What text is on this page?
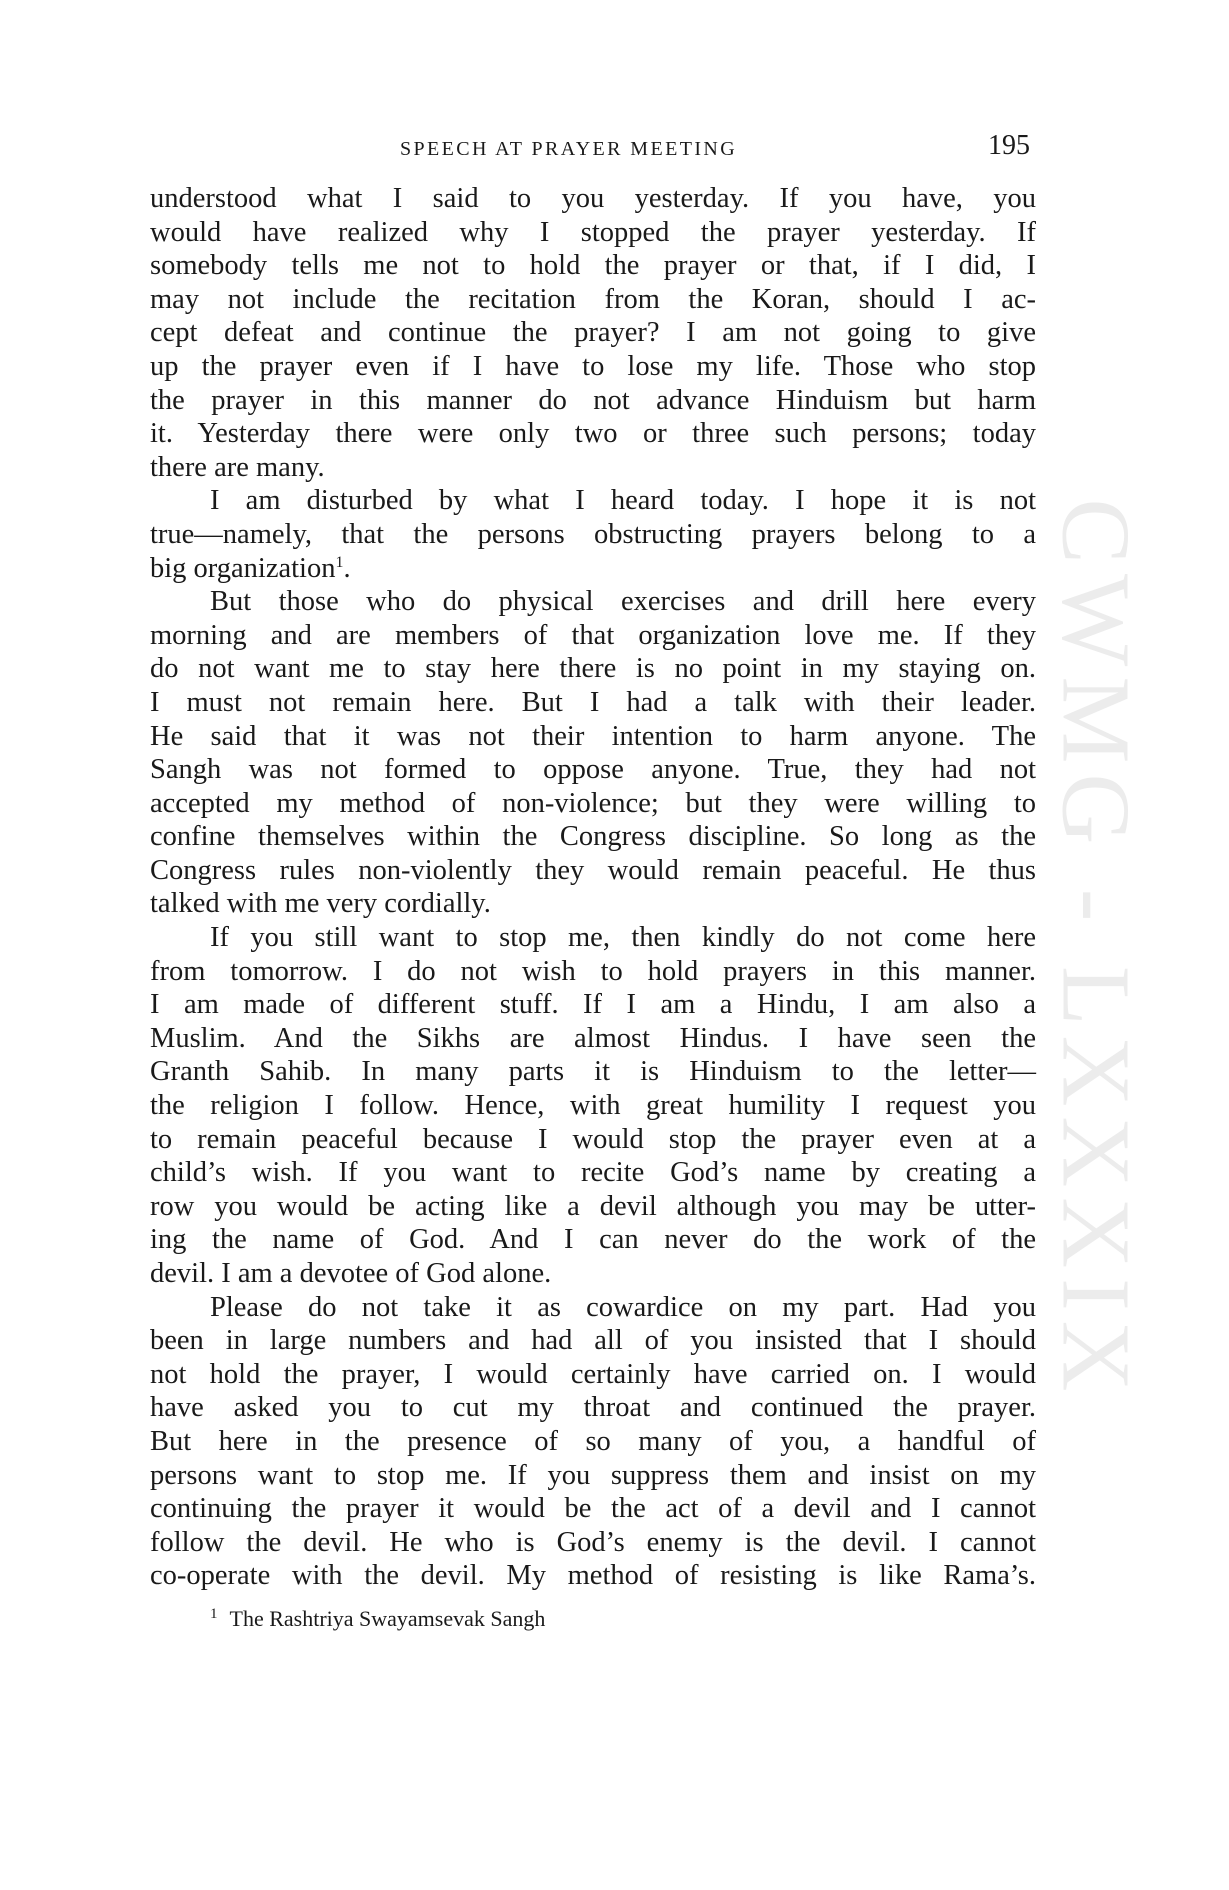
CWMG - LXXXIX
SPEECH AT PRAYER MEETING	195
understood what I said to you yesterday. If you have, you
would have realized why I stopped the prayer yesterday. If
somebody tells me not to hold the prayer or that, if I did, I
may not include the recitation from the Koran, should I ac-
cept defeat and continue the prayer? I am not going to give
up the prayer even if I have to lose my life. Those who stop
the prayer in this manner do not advance Hinduism but harm
it. Yesterday there were only two or three such persons; today
there are many.
I am disturbed by what I heard today. I hope it is not
true—namely, that the persons obstructing prayers belong to a
big organization$^1$.
But those who do physical exercises and drill here every
morning and are members of that organization love me. If they
do not want me to stay here there is no point in my staying on.
I must not remain here. But I had a talk with their leader.
He said that it was not their intention to harm anyone. The
Sangh was not formed to oppose anyone. True, they had not
accepted my method of non-violence; but they were willing to
confine themselves within the Congress discipline. So long as the
Congress rules non-violently they would remain peaceful. He thus
talked with me very cordially.
If you still want to stop me, then kindly do not come here
from tomorrow. I do not wish to hold prayers in this manner.
I am made of different stuff. If I am a Hindu, I am also a
Muslim. And the Sikhs are almost Hindus. I have seen the
Granth Sahib. In many parts it is Hinduism to the letter—
the religion I follow. Hence, with great humility I request you
to remain peaceful because I would stop the prayer even at a
child’s wish. If you want to recite God’s name by creating a
row you would be acting like a devil although you may be utter-
ing the name of God. And I can never do the work of the
devil. I am a devotee of God alone.
Please do not take it as cowardice on my part. Had you
been in large numbers and had all of you insisted that I should
not hold the prayer, I would certainly have carried on. I would
have asked you to cut my throat and continued the prayer.
But here in the presence of so many of you, a handful of
persons want to stop me. If you suppress them and insist on my
continuing the prayer it would be the act of a devil and I cannot
follow the devil. He who is God’s enemy is the devil. I cannot
co-operate with the devil. My method of resisting is like Rama’s.
$^1$ The Rashtriya Swayamsevak Sangh
